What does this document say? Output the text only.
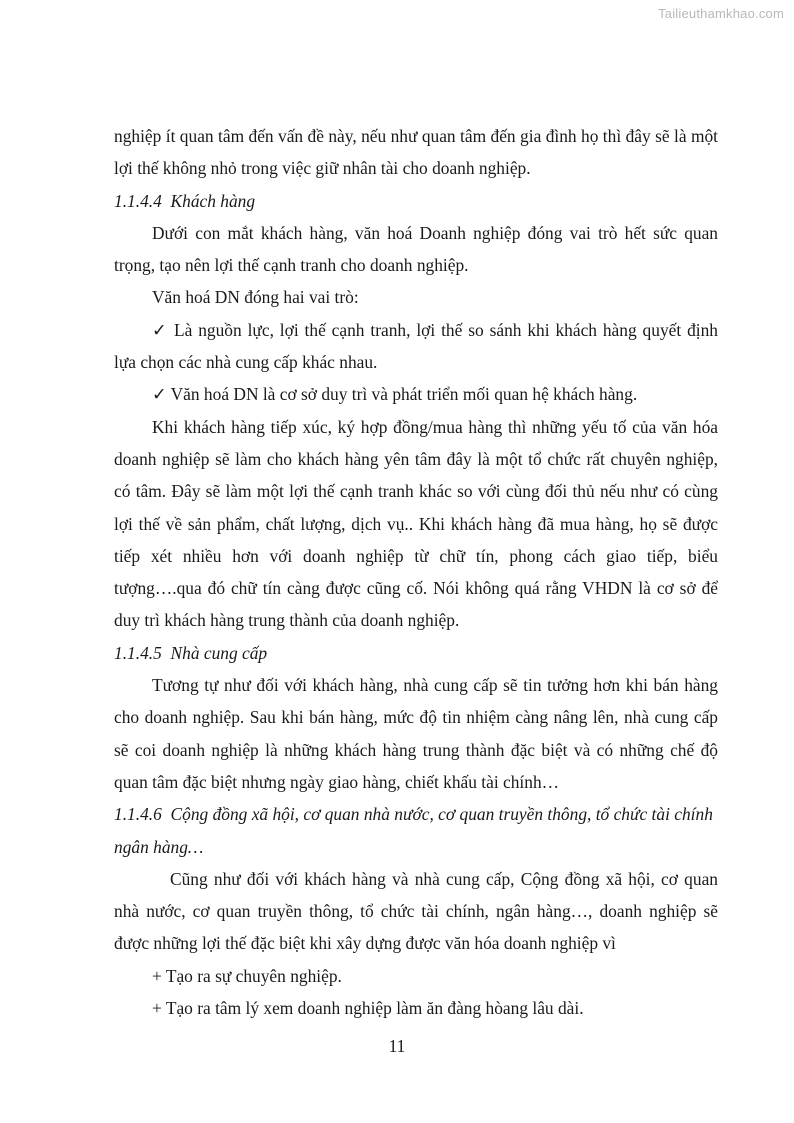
Tailieuthamkhao.com

nghiệp ít quan tâm đến vấn đề này, nếu như quan tâm đến gia đình họ thì đây sẽ là một lợi thế không nhỏ trong việc giữ nhân tài cho doanh nghiệp.

1.1.4.4 Khách hàng

Dưới con mắt khách hàng, văn hoá Doanh nghiệp đóng vai trò hết sức quan trọng, tạo nên lợi thế cạnh tranh cho doanh nghiệp.

Văn hoá DN đóng hai vai trò:

✓ Là nguồn lực, lợi thế cạnh tranh, lợi thế so sánh khi khách hàng quyết định lựa chọn các nhà cung cấp khác nhau.

✓ Văn hoá DN là cơ sở duy trì và phát triển mối quan hệ khách hàng.

Khi khách hàng tiếp xúc, ký hợp đồng/mua hàng thì những yếu tố của văn hóa doanh nghiệp sẽ làm cho khách hàng yên tâm đây là một tổ chức rất chuyên nghiệp, có tâm. Đây sẽ làm một lợi thế cạnh tranh khác so với cùng đối thủ nếu như có cùng lợi thế về sản phẩm, chất lượng, dịch vụ.. Khi khách hàng đã mua hàng, họ sẽ được tiếp xét nhiều hơn với doanh nghiệp từ chữ tín, phong cách giao tiếp, biểu tượng….qua đó chữ tín càng được cũng cố. Nói không quá rằng VHDN là cơ sở để duy trì khách hàng trung thành của doanh nghiệp.

1.1.4.5 Nhà cung cấp

Tương tự như đối với khách hàng, nhà cung cấp sẽ tin tưởng hơn khi bán hàng cho doanh nghiệp. Sau khi bán hàng, mức độ tin nhiệm càng nâng lên, nhà cung cấp sẽ coi doanh nghiệp là những khách hàng trung thành đặc biệt và có những chế độ quan tâm đặc biệt nhưng ngày giao hàng, chiết khấu tài chính…

1.1.4.6 Cộng đồng xã hội, cơ quan nhà nước, cơ quan truyền thông, tổ chức tài chính ngân hàng…

Cũng như đối với khách hàng và nhà cung cấp, Cộng đồng xã hội, cơ quan nhà nước, cơ quan truyền thông, tổ chức tài chính, ngân hàng…, doanh nghiệp sẽ được những lợi thế đặc biệt khi xây dựng được văn hóa doanh nghiệp vì

+ Tạo ra sự chuyên nghiệp.

+ Tạo ra tâm lý xem doanh nghiệp làm ăn đàng hòang lâu dài.

11
